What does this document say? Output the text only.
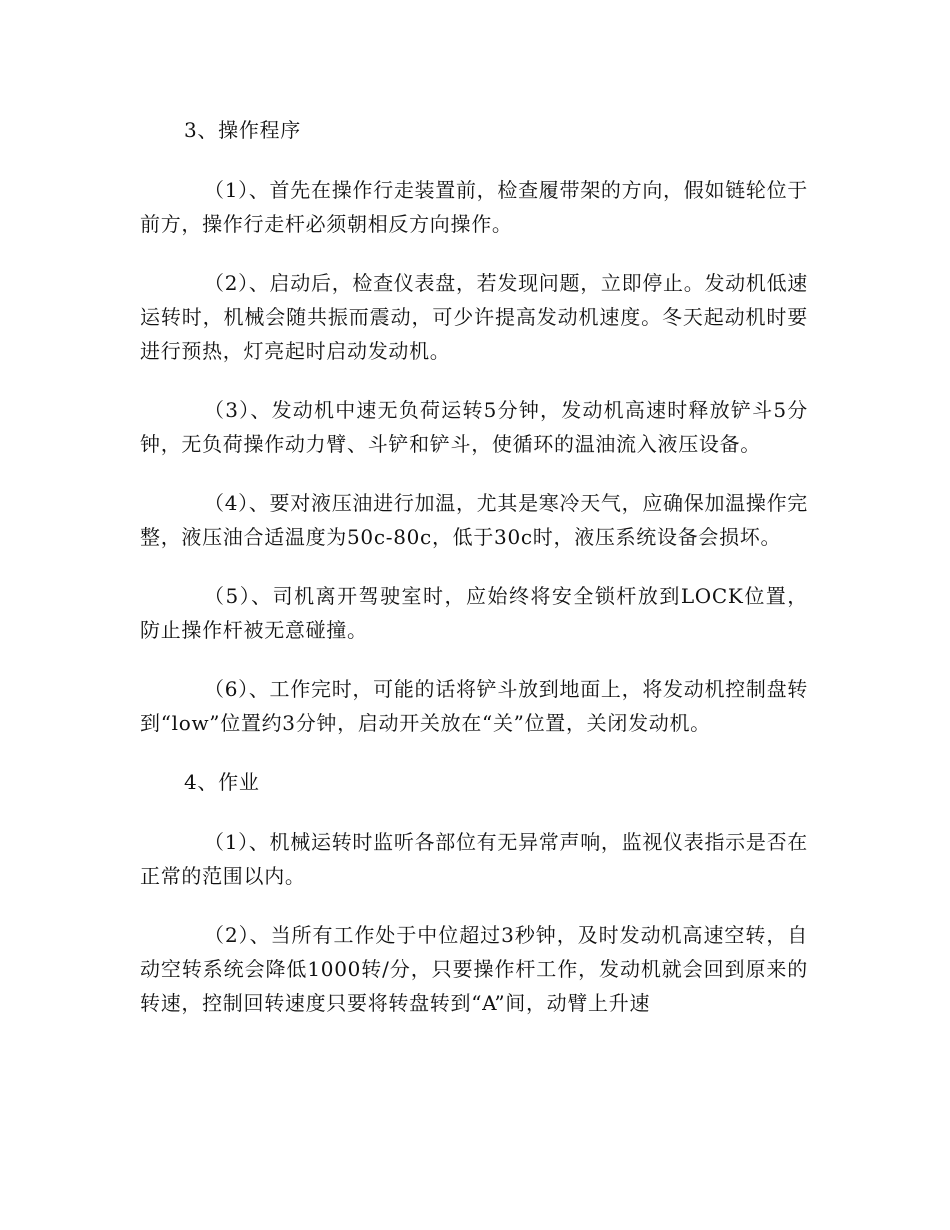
3、操作程序

（1）、首先在操作行走装置前，检查履带架的方向，假如链轮位于前方，操作行走杆必须朝相反方向操作。

（2）、启动后，检查仪表盘，若发现问题，立即停止。发动机低速运转时，机械会随共振而震动，可少许提高发动机速度。冬天起动机时要进行预热，灯亮起时启动发动机。

（3）、发动机中速无负荷运转5分钟，发动机高速时释放铲斗5分钟，无负荷操作动力臂、斗铲和铲斗，使循环的温油流入液压设备。

（4）、要对液压油进行加温，尤其是寒冷天气，应确保加温操作完整，液压油合适温度为50c-80c，低于30c时，液压系统设备会损坏。

（5）、司机离开驾驶室时，应始终将安全锁杆放到LOCK位置，防止操作杆被无意碰撞。

（6）、工作完时，可能的话将铲斗放到地面上，将发动机控制盘转到“low”位置约3分钟，启动开关放在“关”位置，关闭发动机。

4、作业

（1）、机械运转时监听各部位有无异常声响，监视仪表指示是否在正常的范围以内。

（2）、当所有工作处于中位超过3秒钟，及时发动机高速空转，自动空转系统会降低1000转/分，只要操作杆工作，发动机就会回到原来的转速，控制回转速度只要将转盘转到“A”间，动臂上升速
